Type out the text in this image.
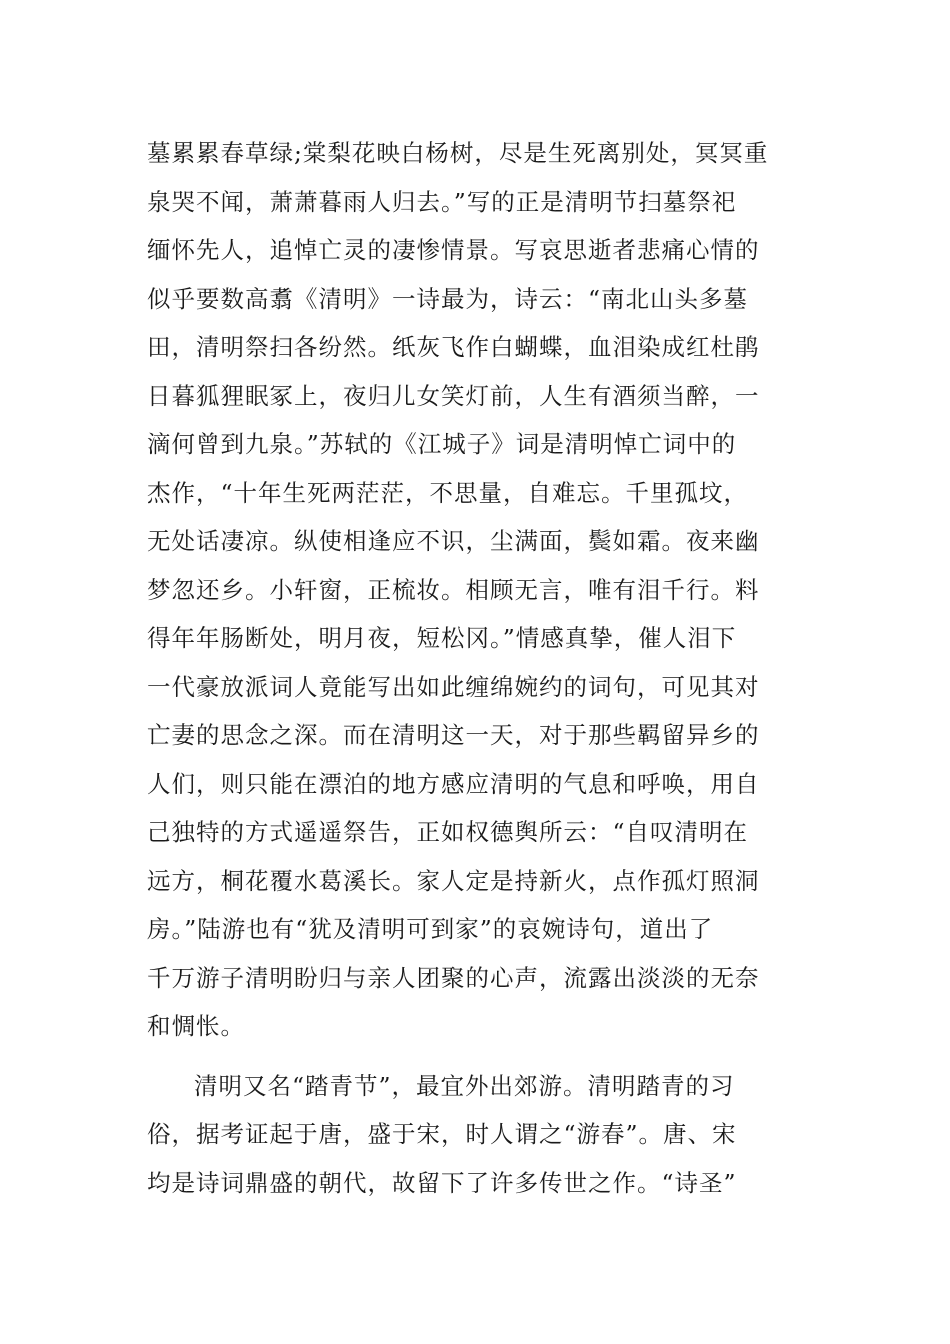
墓累累春草绿;棠梨花映白杨树，尽是生死离别处，冥冥重
泉哭不闻，萧萧暮雨人归去。”写的正是清明节扫墓祭祀
缅怀先人，追悼亡灵的凄惨情景。写哀思逝者悲痛心情的
似乎要数高翥《清明》一诗最为，诗云：“南北山头多墓
田，清明祭扫各纷然。纸灰飞作白蝴蝶，血泪染成红杜鹃
日暮狐狸眠冢上，夜归儿女笑灯前，人生有酒须当醉，一
滴何曾到九泉。”苏轼的《江城子》词是清明悼亡词中的
杰作，“十年生死两茫茫，不思量，自难忘。千里孤坟，
无处话凄凉。纵使相逢应不识，尘满面，鬓如霜。夜来幽
梦忽还乡。小轩窗，正梳妆。相顾无言，唯有泪千行。料
得年年肠断处，明月夜，短松冈。”情感真挚，催人泪下
一代豪放派词人竟能写出如此缠绵婉约的词句，可见其对
亡妻的思念之深。而在清明这一天，对于那些羁留异乡的
人们，则只能在漂泊的地方感应清明的气息和呼唤，用自
己独特的方式遥遥祭告，正如权德舆所云：“自叹清明在
远方，桐花覆水葛溪长。家人定是持新火，点作孤灯照洞
房。”陆游也有“犹及清明可到家”的哀婉诗句，道出了
千万游子清明盼归与亲人团聚的心声，流露出淡淡的无奈
和惆怅。
清明又名“踏青节”，最宜外出郊游。清明踏青的习
俗，据考证起于唐，盛于宋，时人谓之“游春”。唐、宋
均是诗词鼎盛的朝代，故留下了许多传世之作。“诗圣”
